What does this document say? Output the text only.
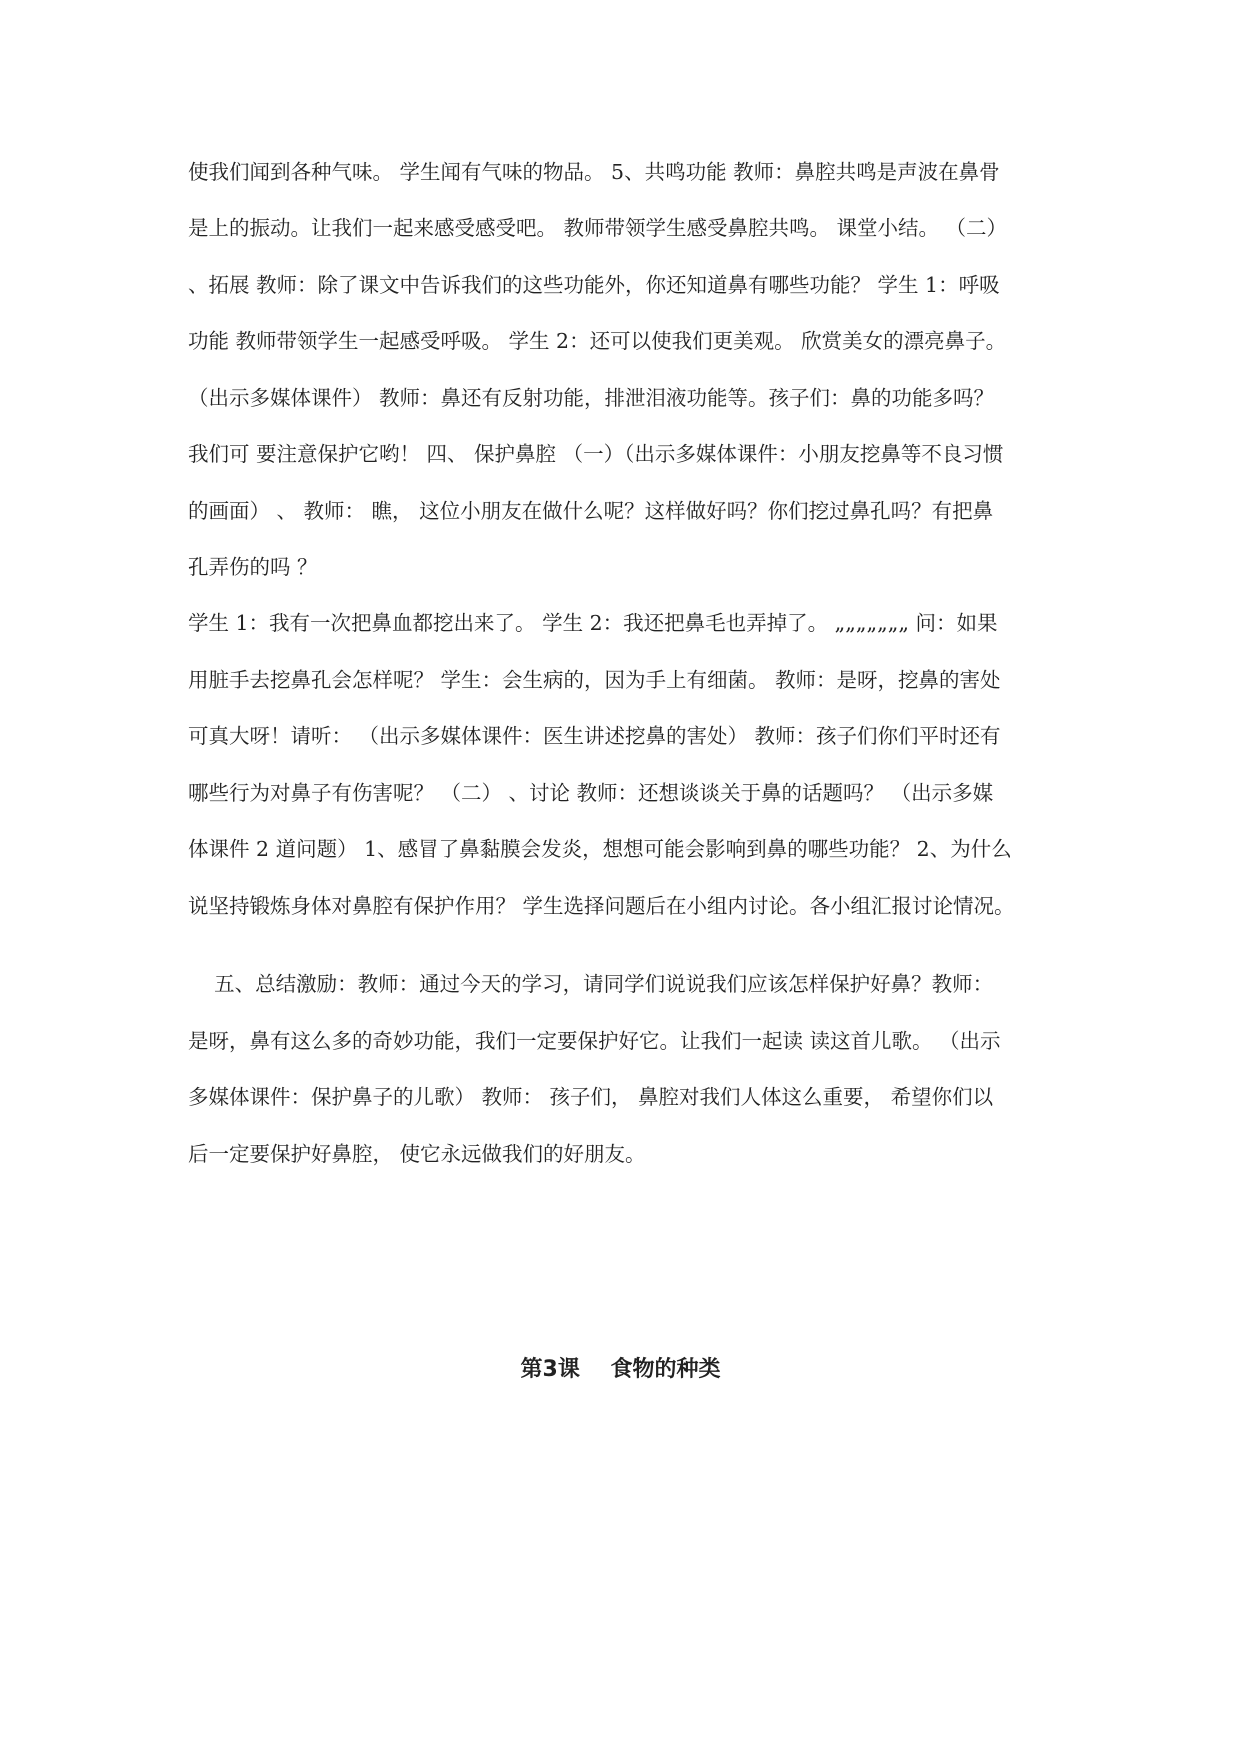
使我们闻到各种气味。 学生闻有气味的物品。 5、共鸣功能 教师：鼻腔共鸣是声波在鼻骨
是上的振动。让我们一起来感受感受吧。 教师带领学生感受鼻腔共鸣。 课堂小结。 （二）
、拓展 教师：除了课文中告诉我们的这些功能外，你还知道鼻有哪些功能？ 学生 1：呼吸
功能 教师带领学生一起感受呼吸。 学生 2：还可以使我们更美观。 欣赏美女的漂亮鼻子。
（出示多媒体课件） 教师：鼻还有反射功能，排泄泪液功能等。孩子们：鼻的功能多吗？
我们可 要注意保护它哟！ 四、 保护鼻腔 （一）（出示多媒体课件：小朋友挖鼻等不良习惯
的画面） 、 教师： 瞧， 这位小朋友在做什么呢？这样做好吗？你们挖过鼻孔吗？有把鼻
孔弄伤的吗 ？
学生 1：我有一次把鼻血都挖出来了。 学生 2：我还把鼻毛也弄掉了。 „„„„„„„ 问：如果
用脏手去挖鼻孔会怎样呢？ 学生：会生病的，因为手上有细菌。 教师：是呀，挖鼻的害处
可真大呀！请听： （出示多媒体课件：医生讲述挖鼻的害处） 教师：孩子们你们平时还有
哪些行为对鼻子有伤害呢？ （二） 、讨论 教师：还想谈谈关于鼻的话题吗？ （出示多媒
体课件 2 道问题） 1、感冒了鼻黏膜会发炎，想想可能会影响到鼻的哪些功能？ 2、为什么
说坚持锻炼身体对鼻腔有保护作用？ 学生选择问题后在小组内讨论。各小组汇报讨论情况。
五、总结激励：教师：通过今天的学习，请同学们说说我们应该怎样保护好鼻？教师：
是呀，鼻有这么多的奇妙功能，我们一定要保护好它。让我们一起读 读这首儿歌。 （出示
多媒体课件：保护鼻子的儿歌） 教师： 孩子们， 鼻腔对我们人体这么重要， 希望你们以
后一定要保护好鼻腔， 使它永远做我们的好朋友。
第3课    食物的种类
